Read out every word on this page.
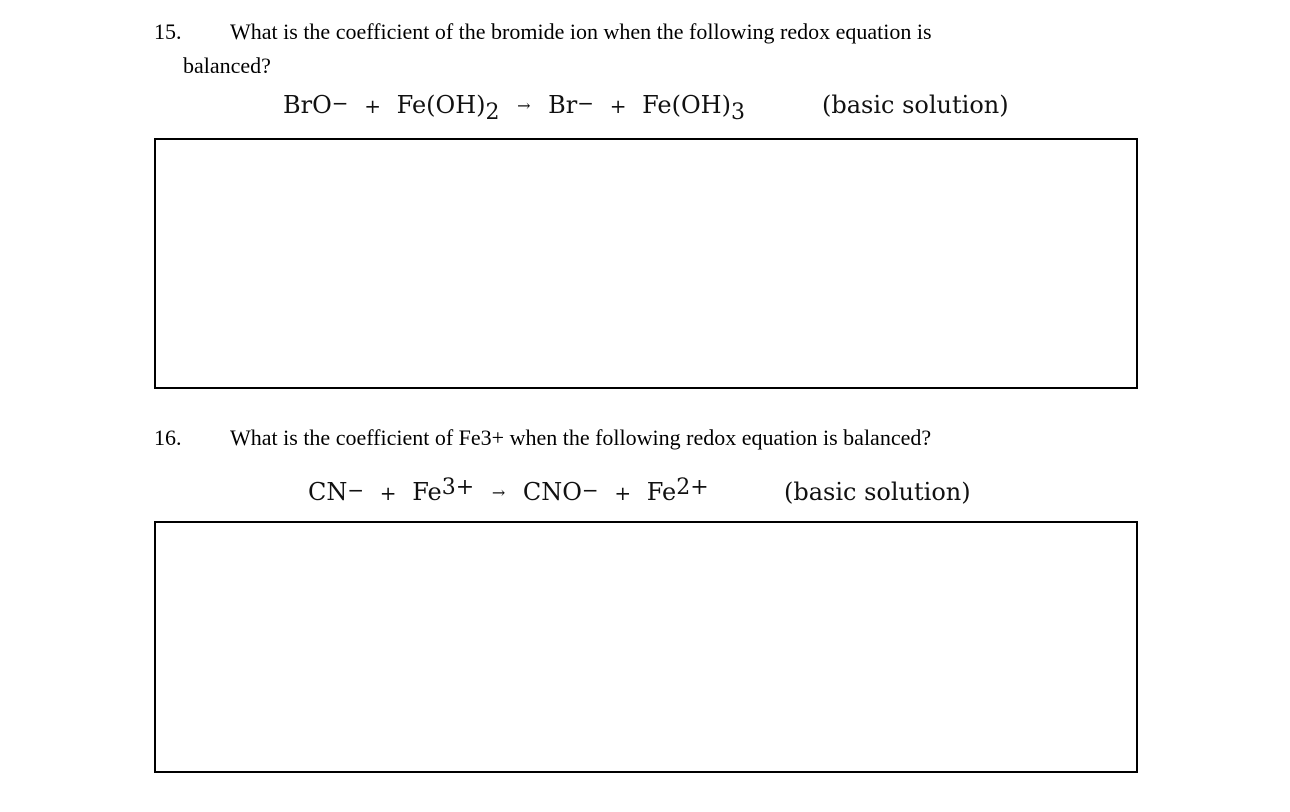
15. What is the coefficient of the bromide ion when the following redox equation is
balanced?
$BrO- + Fe(OH)_2 \to Br- + Fe(OH)_3$	(basic solution)
16. What is the coefficient of Fe3+ when the following redox equation is balanced?
$CN- + Fe^{3+} \to CNO- + Fe^{2+}$	(basic solution)
